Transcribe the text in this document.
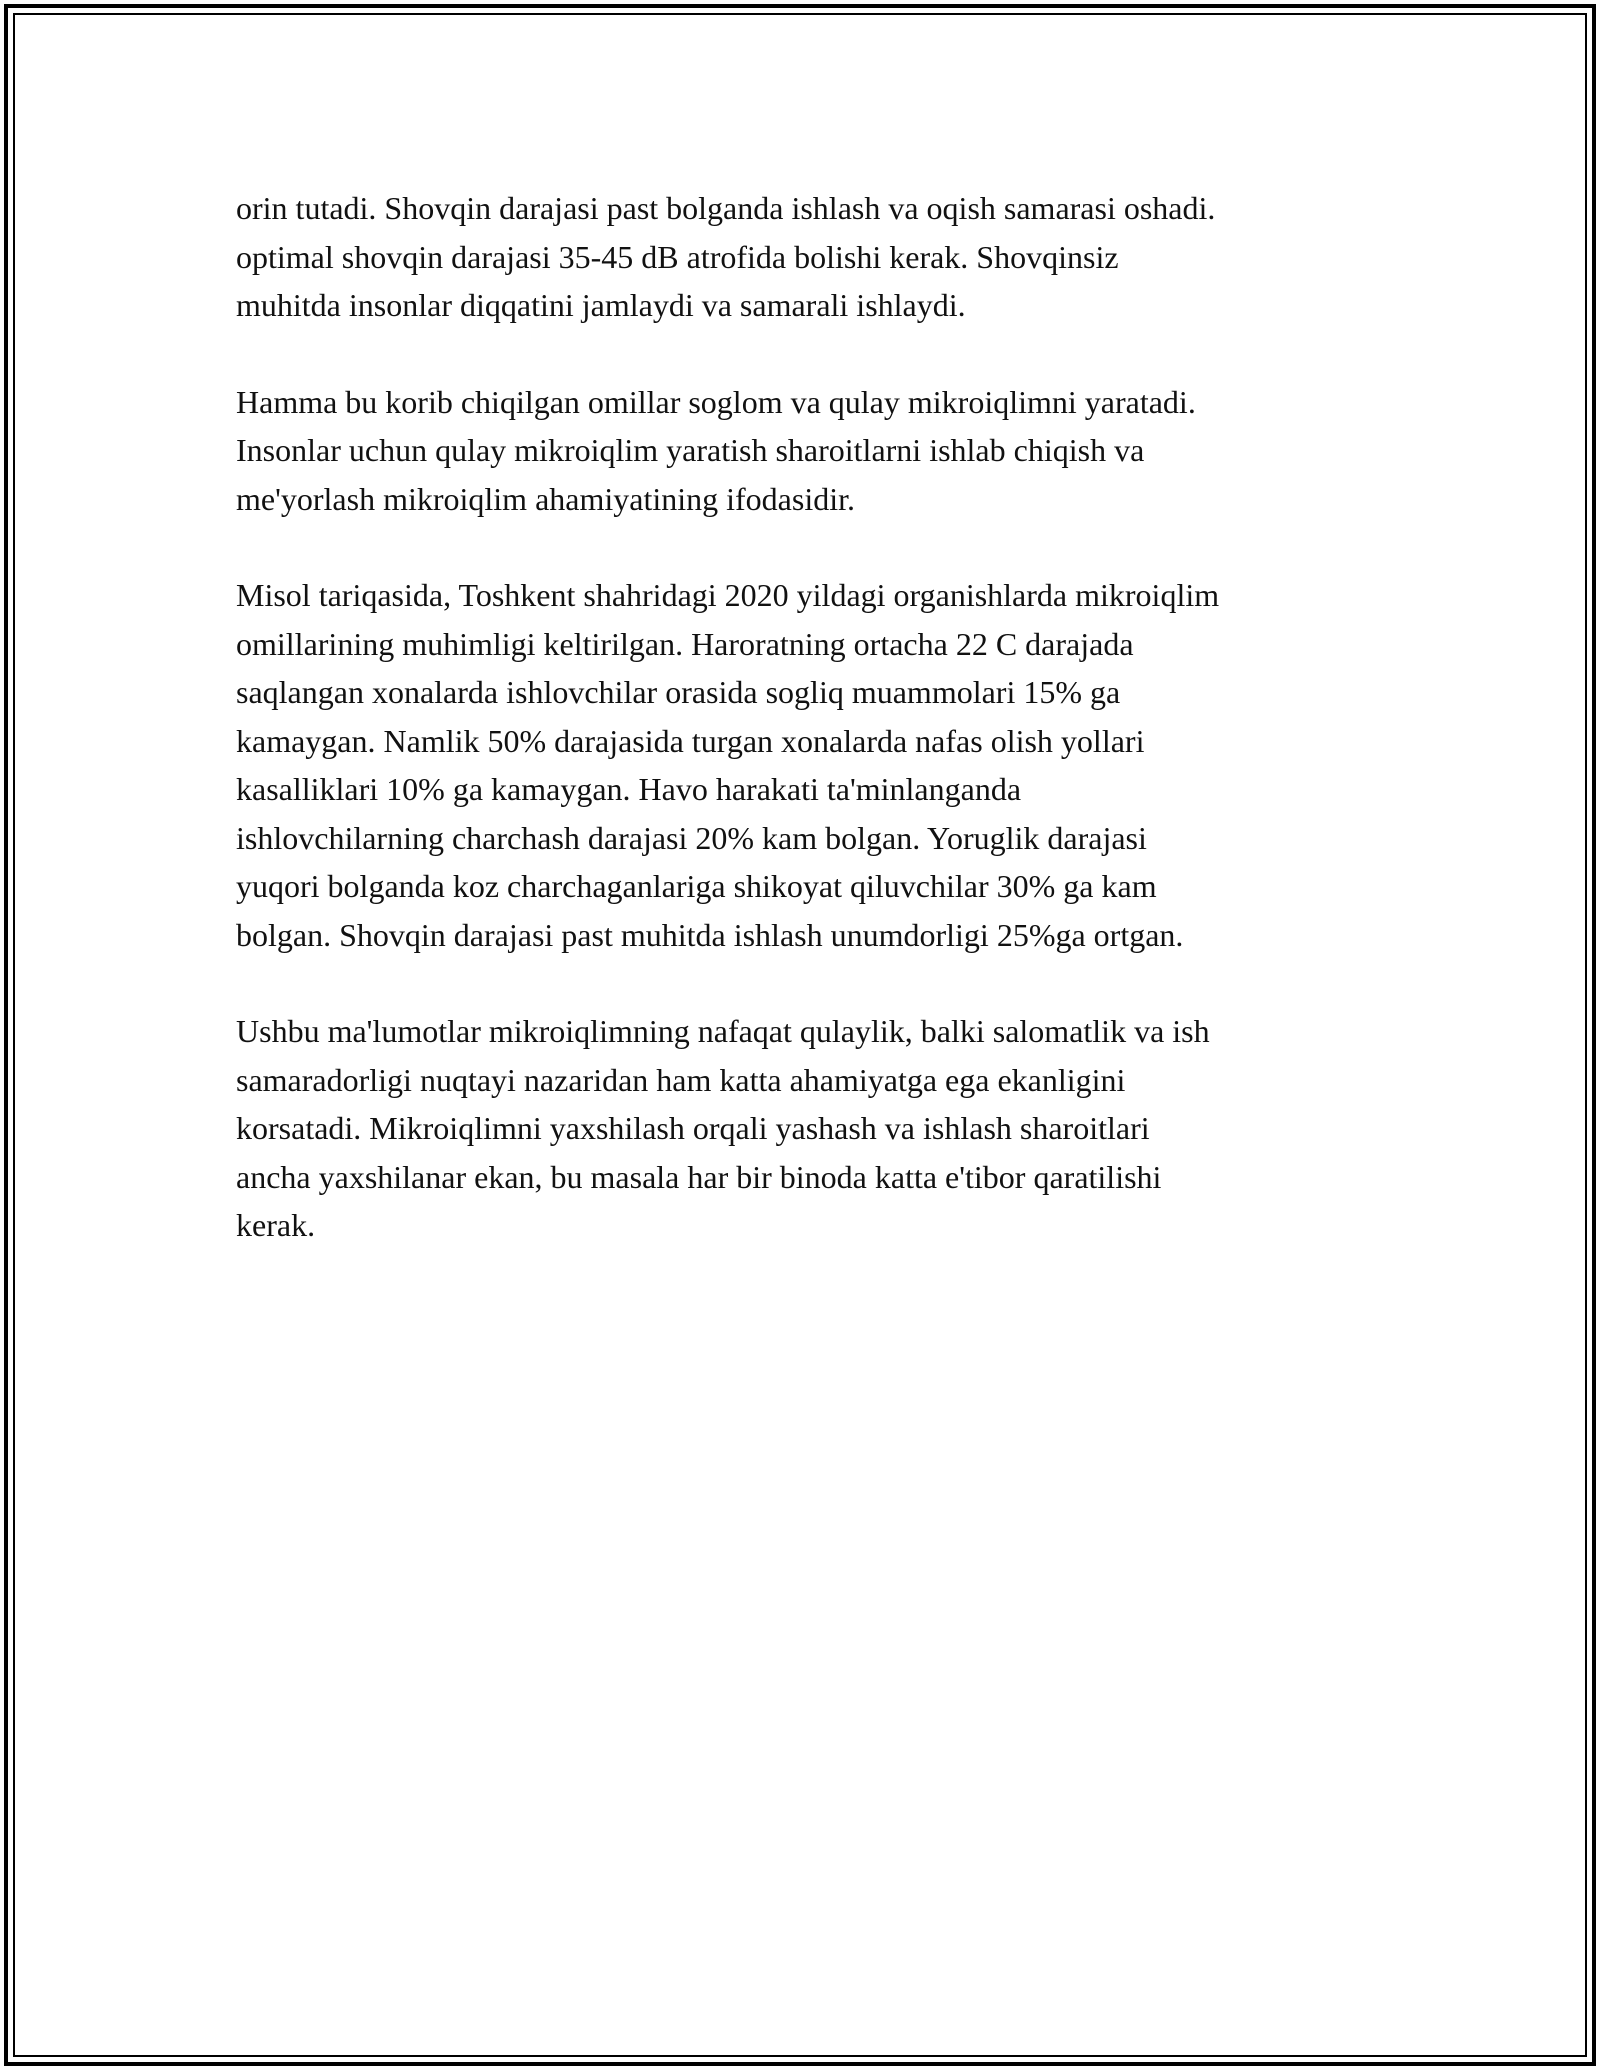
orin tutadi. Shovqin darajasi past bolganda ishlash va oqish samarasi oshadi.
optimal shovqin darajasi 35-45 dB atrofida bolishi kerak. Shovqinsiz
muhitda insonlar diqqatini jamlaydi va samarali ishlaydi.

Hamma bu korib chiqilgan omillar soglom va qulay mikroiqlimni yaratadi.
Insonlar uchun qulay mikroiqlim yaratish sharoitlarni ishlab chiqish va
me'yorlash mikroiqlim ahamiyatining ifodasidir.

Misol tariqasida, Toshkent shahridagi 2020 yildagi organishlarda mikroiqlim
omillarining muhimligi keltirilgan. Haroratning ortacha 22 C darajada
saqlangan xonalarda ishlovchilar orasida sogliq muammolari 15% ga
kamaygan. Namlik 50% darajasida turgan xonalarda nafas olish yollari
kasalliklari 10% ga kamaygan. Havo harakati ta'minlanganda
ishlovchilarning charchash darajasi 20% kam bolgan. Yoruglik darajasi
yuqori bolganda koz charchaganlariga shikoyat qiluvchilar 30% ga kam
bolgan. Shovqin darajasi past muhitda ishlash unumdorligi 25%ga ortgan.

Ushbu ma'lumotlar mikroiqlimning nafaqat qulaylik, balki salomatlik va ish
samaradorligi nuqtayi nazaridan ham katta ahamiyatga ega ekanligini
korsatadi. Mikroiqlimni yaxshilash orqali yashash va ishlash sharoitlari
ancha yaxshilanar ekan, bu masala har bir binoda katta e'tibor qaratilishi
kerak.
